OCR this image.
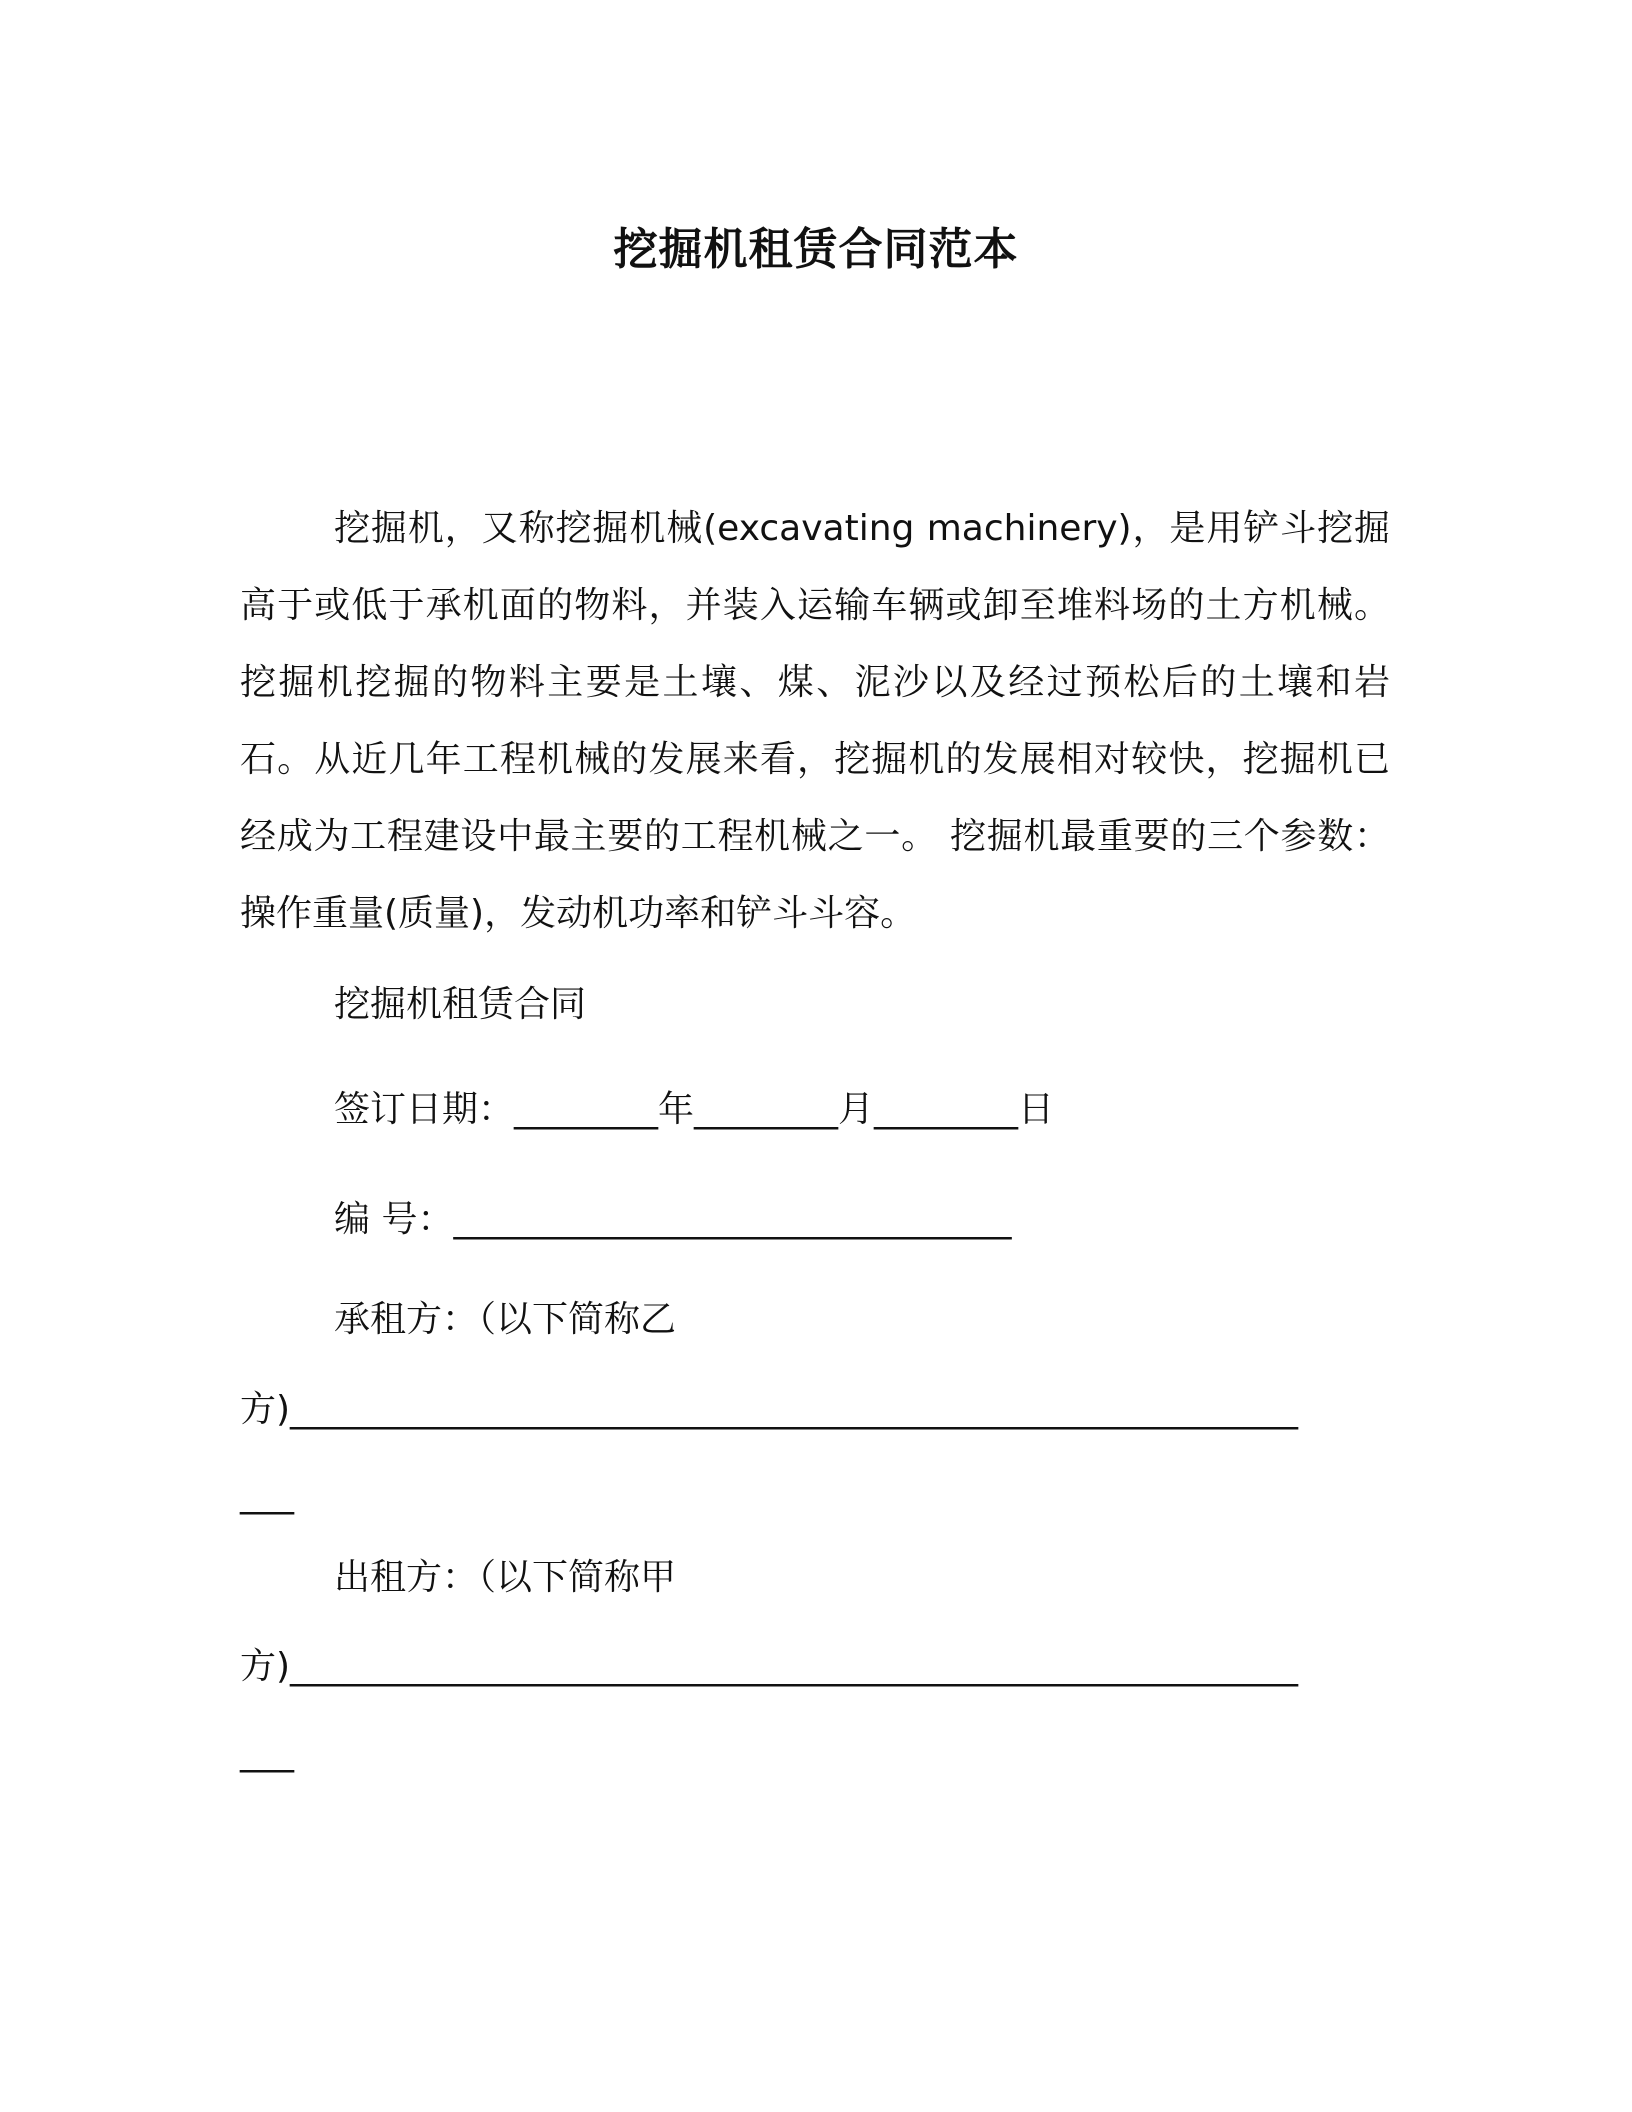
挖掘机租赁合同范本

挖掘机，又称挖掘机械(excavating machinery)，是用铲斗挖掘高于或低于承机面的物料，并装入运输车辆或卸至堆料场的土方机械。挖掘机挖掘的物料主要是土壤、煤、泥沙以及经过预松后的土壤和岩石。从近几年工程机械的发展来看，挖掘机的发展相对较快，挖掘机已经成为工程建设中最主要的工程机械之一。 挖掘机最重要的三个参数：操作重量(质量)，发动机功率和铲斗斗容。

挖掘机租赁合同
签订日期：________年________月________日
编 号：_______________________________
承租方：（以下简称乙
方)________________________________________________________
___
出租方：（以下简称甲
方)________________________________________________________
___
